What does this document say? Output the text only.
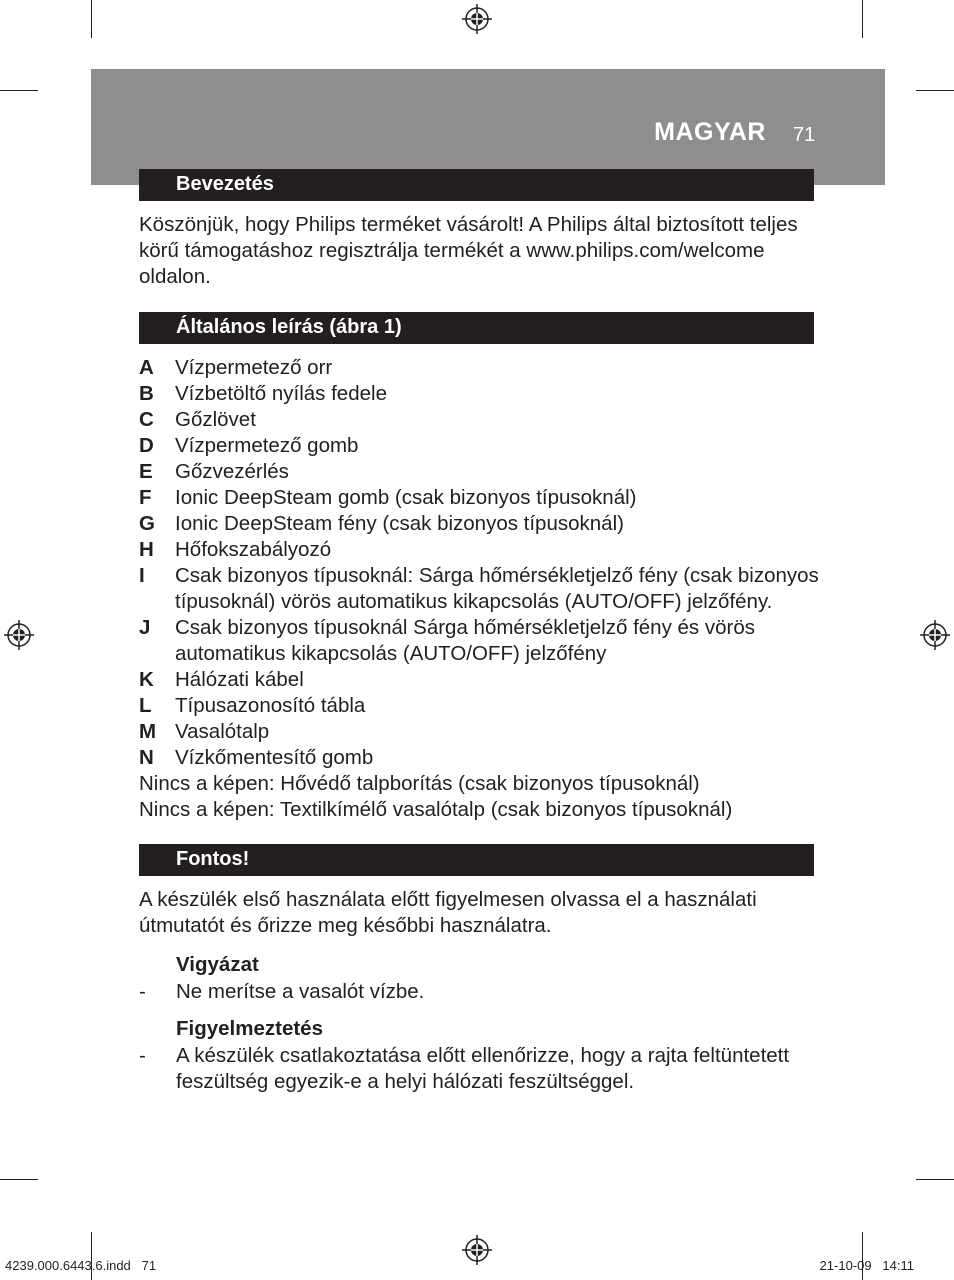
MAGYAR 71
Bevezetés
Köszönjük, hogy Philips terméket vásárolt! A Philips által biztosított teljes körű támogatáshoz regisztrálja termékét a www.philips.com/welcome oldalon.
Általános leírás (ábra 1)
A Vízpermetező orr
B Vízbetöltő nyílás fedele
C Gőzlövet
D Vízpermetező gomb
E Gőzvezérlés
F Ionic DeepSteam gomb (csak bizonyos típusoknál)
G Ionic DeepSteam fény (csak bizonyos típusoknál)
H Hőfokszabályozó
I Csak bizonyos típusoknál: Sárga hőmérsékletjelző fény (csak bizonyos típusoknál) vörös automatikus kikapcsolás (AUTO/OFF) jelzőfény.
J Csak bizonyos típusoknál Sárga hőmérsékletjelző fény és vörös automatikus kikapcsolás (AUTO/OFF) jelzőfény
K Hálózati kábel
L Típusazonosító tábla
M Vasalótalp
N Vízkőmentesítő gomb
Nincs a képen: Hővédő talpborítás (csak bizonyos típusoknál)
Nincs a képen: Textilkímélő vasalótalp (csak bizonyos típusoknál)
Fontos!
A készülék első használata előtt figyelmesen olvassa el a használati útmutatót és őrizze meg későbbi használatra.
Vigyázat
- Ne merítse a vasalót vízbe.
Figyelmeztetés
- A készülék csatlakoztatása előtt ellenőrizze, hogy a rajta feltüntetett feszültség egyezik-e a helyi hálózati feszültséggel.
4239.000.6443.6.indd   71	21-10-09   14:11
